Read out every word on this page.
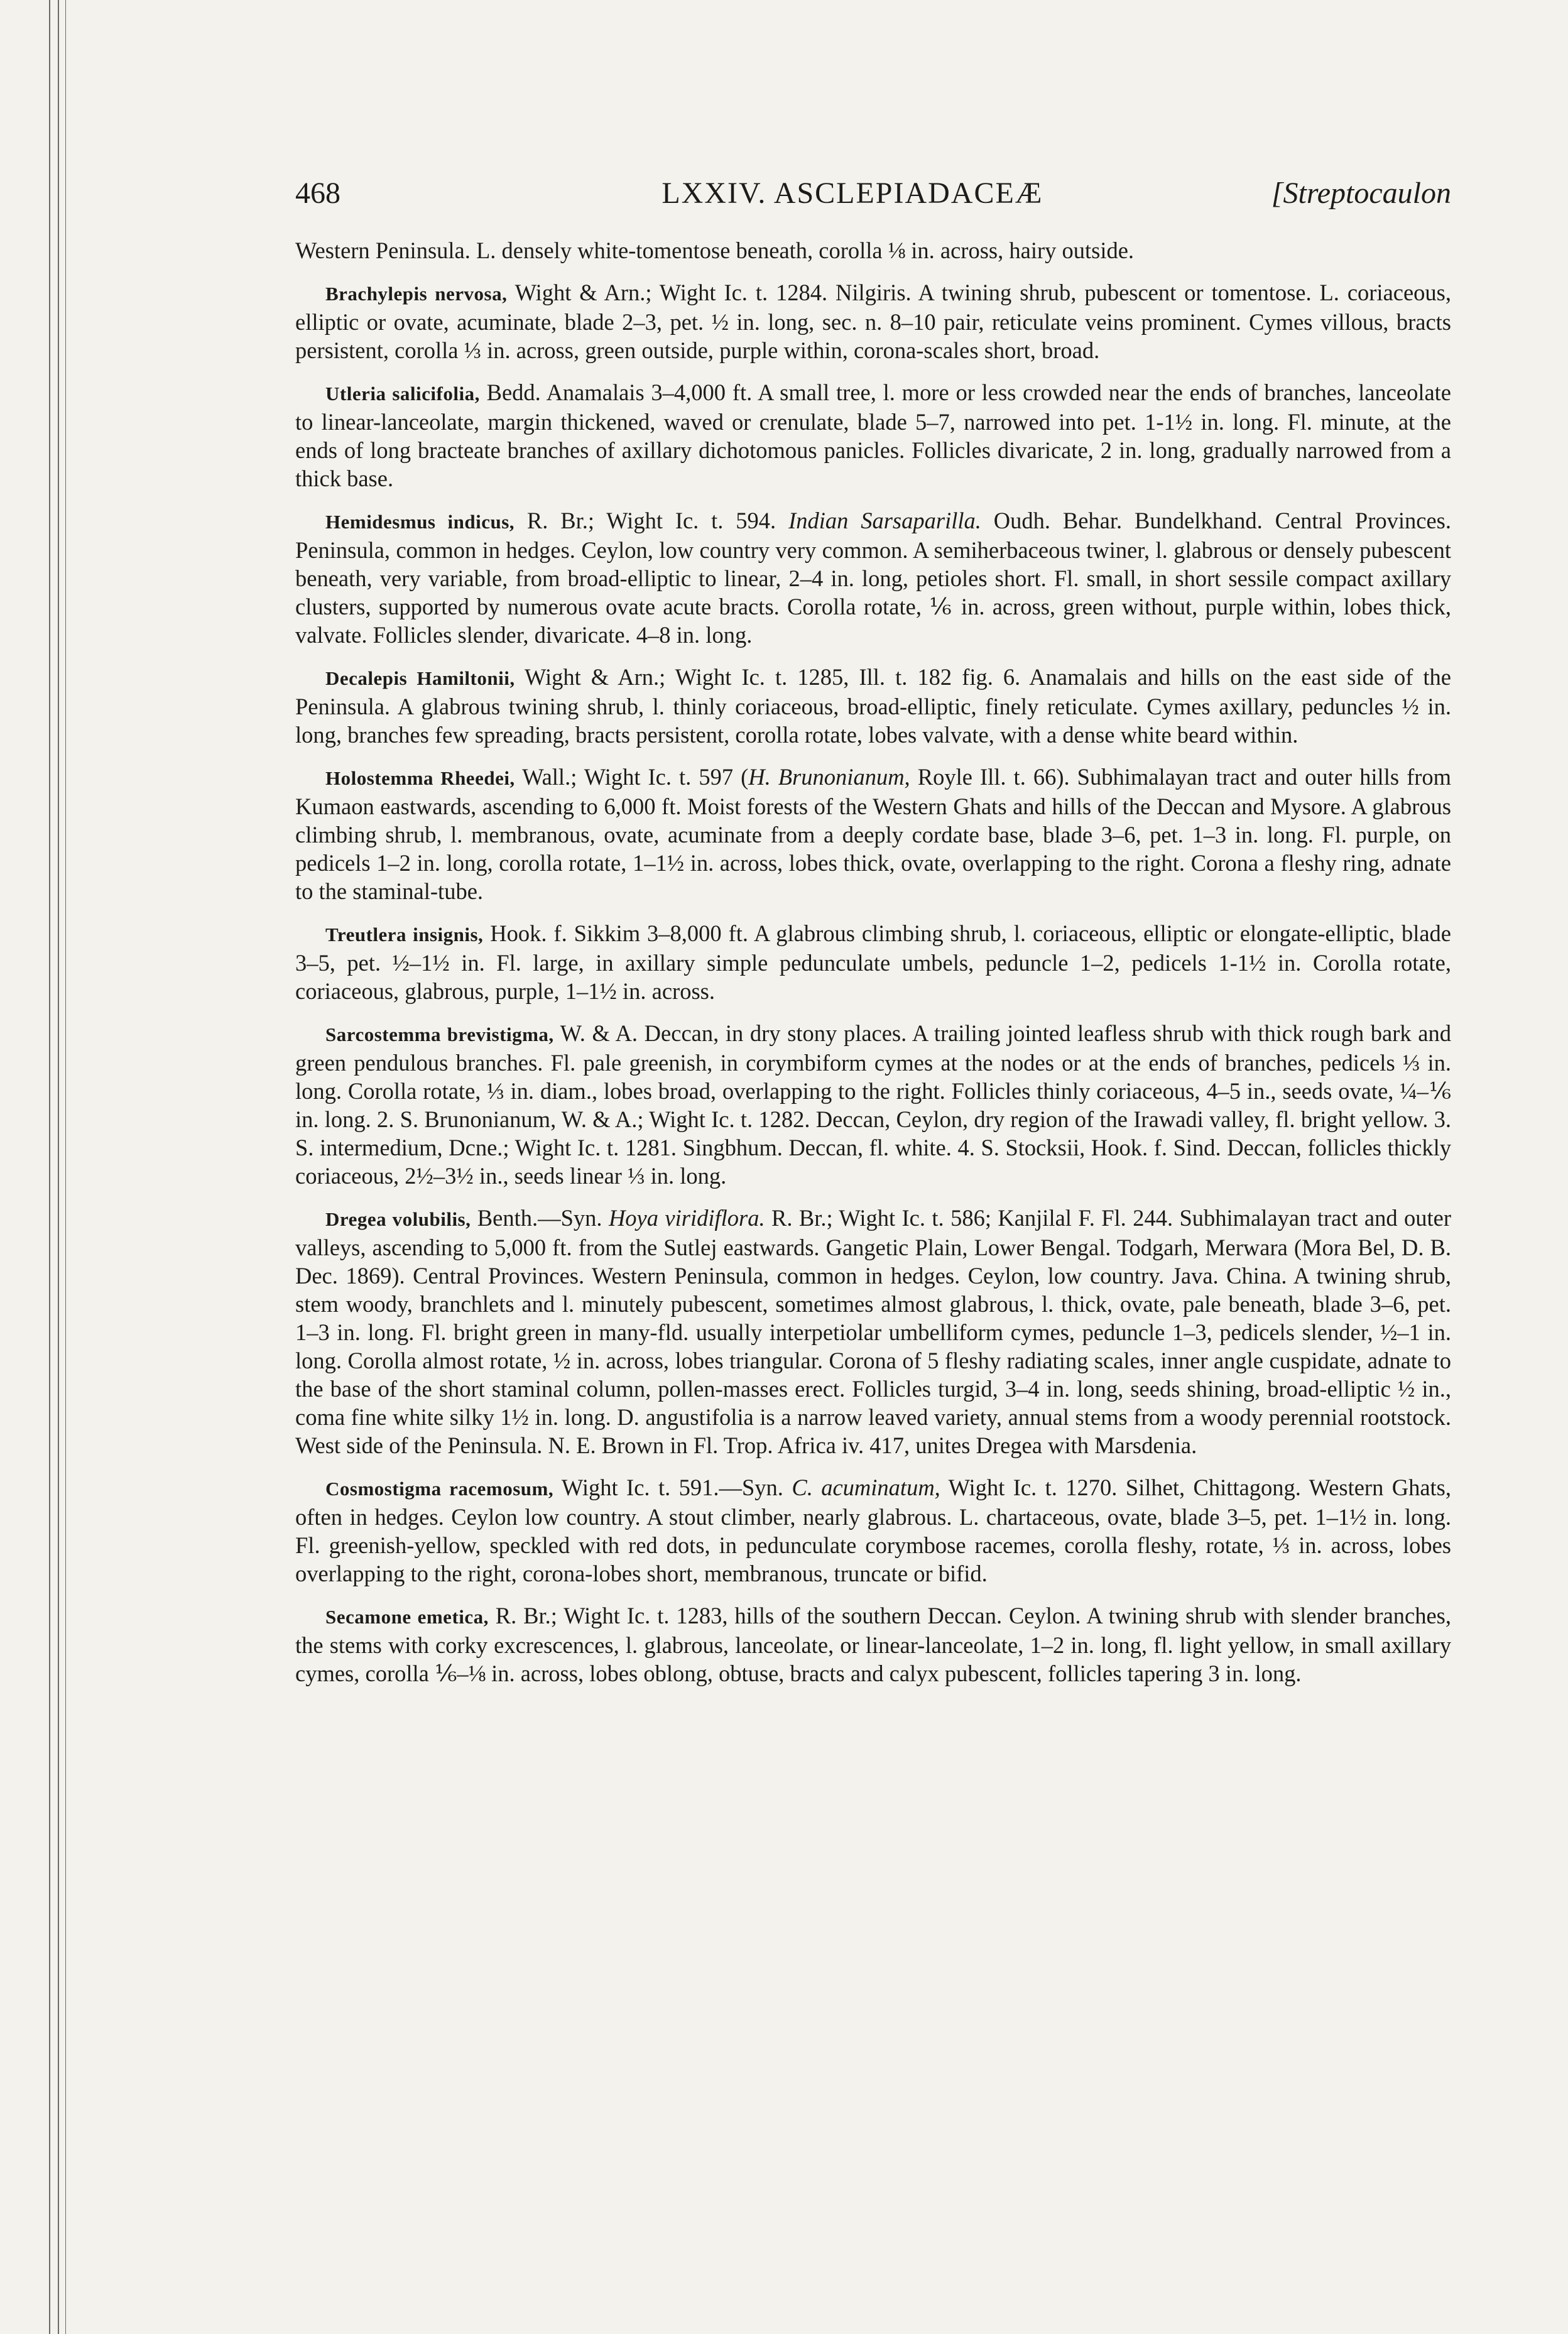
468	LXXIV. ASCLEPIADACEÆ	[Streptocaulon

Western Peninsula. L. densely white-tomentose beneath, corolla ⅛ in. across, hairy outside.

Brachylepis nervosa, Wight & Arn.; Wight Ic. t. 1284. Nilgiris. A twining shrub, pubescent or tomentose. L. coriaceous, elliptic or ovate, acuminate, blade 2–3, pet. ½ in. long, sec. n. 8–10 pair, reticulate veins prominent. Cymes villous, bracts persistent, corolla ⅓ in. across, green outside, purple within, corona-scales short, broad.

Utleria salicifolia, Bedd. Anamalais 3–4,000 ft. A small tree, l. more or less crowded near the ends of branches, lanceolate to linear-lanceolate, margin thickened, waved or crenulate, blade 5–7, narrowed into pet. 1-1½ in. long. Fl. minute, at the ends of long bracteate branches of axillary dichotomous panicles. Follicles divaricate, 2 in. long, gradually narrowed from a thick base.

Hemidesmus indicus, R. Br.; Wight Ic. t. 594. Indian Sarsaparilla. Oudh. Behar. Bundelkhand. Central Provinces. Peninsula, common in hedges. Ceylon, low country very common. A semiherbaceous twiner, l. glabrous or densely pubescent beneath, very variable, from broad-elliptic to linear, 2–4 in. long, petioles short. Fl. small, in short sessile compact axillary clusters, supported by numerous ovate acute bracts. Corolla rotate, ⅙ in. across, green without, purple within, lobes thick, valvate. Follicles slender, divaricate. 4–8 in. long.

Decalepis Hamiltonii, Wight & Arn.; Wight Ic. t. 1285, Ill. t. 182 fig. 6. Anamalais and hills on the east side of the Peninsula. A glabrous twining shrub, l. thinly coriaceous, broad-elliptic, finely reticulate. Cymes axillary, peduncles ½ in. long, branches few spreading, bracts persistent, corolla rotate, lobes valvate, with a dense white beard within.

Holostemma Rheedei, Wall.; Wight Ic. t. 597 (H. Brunonianum, Royle Ill. t. 66). Subhimalayan tract and outer hills from Kumaon eastwards, ascending to 6,000 ft. Moist forests of the Western Ghats and hills of the Deccan and Mysore. A glabrous climbing shrub, l. membranous, ovate, acuminate from a deeply cordate base, blade 3–6, pet. 1–3 in. long. Fl. purple, on pedicels 1–2 in. long, corolla rotate, 1–1½ in. across, lobes thick, ovate, overlapping to the right. Corona a fleshy ring, adnate to the staminal-tube.

Treutlera insignis, Hook. f. Sikkim 3–8,000 ft. A glabrous climbing shrub, l. coriaceous, elliptic or elongate-elliptic, blade 3–5, pet. ½–1½ in. Fl. large, in axillary simple pedunculate umbels, peduncle 1–2, pedicels 1-1½ in. Corolla rotate, coriaceous, glabrous, purple, 1–1½ in. across.

Sarcostemma brevistigma, W. & A. Deccan, in dry stony places. A trailing jointed leafless shrub with thick rough bark and green pendulous branches. Fl. pale greenish, in corymbiform cymes at the nodes or at the ends of branches, pedicels ⅓ in. long. Corolla rotate, ⅓ in. diam., lobes broad, overlapping to the right. Follicles thinly coriaceous, 4–5 in., seeds ovate, ¼–⅙ in. long. 2. S. Brunonianum, W. & A.; Wight Ic. t. 1282. Deccan, Ceylon, dry region of the Irawadi valley, fl. bright yellow. 3. S. intermedium, Dcne.; Wight Ic. t. 1281. Singbhum. Deccan, fl. white. 4. S. Stocksii, Hook. f. Sind. Deccan, follicles thickly coriaceous, 2½–3½ in., seeds linear ⅓ in. long.

Dregea volubilis, Benth.—Syn. Hoya viridiflora. R. Br.; Wight Ic. t. 586; Kanjilal F. Fl. 244. Subhimalayan tract and outer valleys, ascending to 5,000 ft. from the Sutlej eastwards. Gangetic Plain, Lower Bengal. Todgarh, Merwara (Mora Bel, D. B. Dec. 1869). Central Provinces. Western Peninsula, common in hedges. Ceylon, low country. Java. China. A twining shrub, stem woody, branchlets and l. minutely pubescent, sometimes almost glabrous, l. thick, ovate, pale beneath, blade 3–6, pet. 1–3 in. long. Fl. bright green in many-fld. usually interpetiolar umbelliform cymes, peduncle 1–3, pedicels slender, ½–1 in. long. Corolla almost rotate, ½ in. across, lobes triangular. Corona of 5 fleshy radiating scales, inner angle cuspidate, adnate to the base of the short staminal column, pollen-masses erect. Follicles turgid, 3–4 in. long, seeds shining, broad-elliptic ½ in., coma fine white silky 1½ in. long. D. angustifolia is a narrow leaved variety, annual stems from a woody perennial rootstock. West side of the Peninsula. N. E. Brown in Fl. Trop. Africa iv. 417, unites Dregea with Marsdenia.

Cosmostigma racemosum, Wight Ic. t. 591.—Syn. C. acuminatum, Wight Ic. t. 1270. Silhet, Chittagong. Western Ghats, often in hedges. Ceylon low country. A stout climber, nearly glabrous. L. chartaceous, ovate, blade 3–5, pet. 1–1½ in. long. Fl. greenish-yellow, speckled with red dots, in pedunculate corymbose racemes, corolla fleshy, rotate, ⅓ in. across, lobes overlapping to the right, corona-lobes short, membranous, truncate or bifid.

Secamone emetica, R. Br.; Wight Ic. t. 1283, hills of the southern Deccan. Ceylon. A twining shrub with slender branches, the stems with corky excrescences, l. glabrous, lanceolate, or linear-lanceolate, 1–2 in. long, fl. light yellow, in small axillary cymes, corolla ⅙–⅛ in. across, lobes oblong, obtuse, bracts and calyx pubescent, follicles tapering 3 in. long.
